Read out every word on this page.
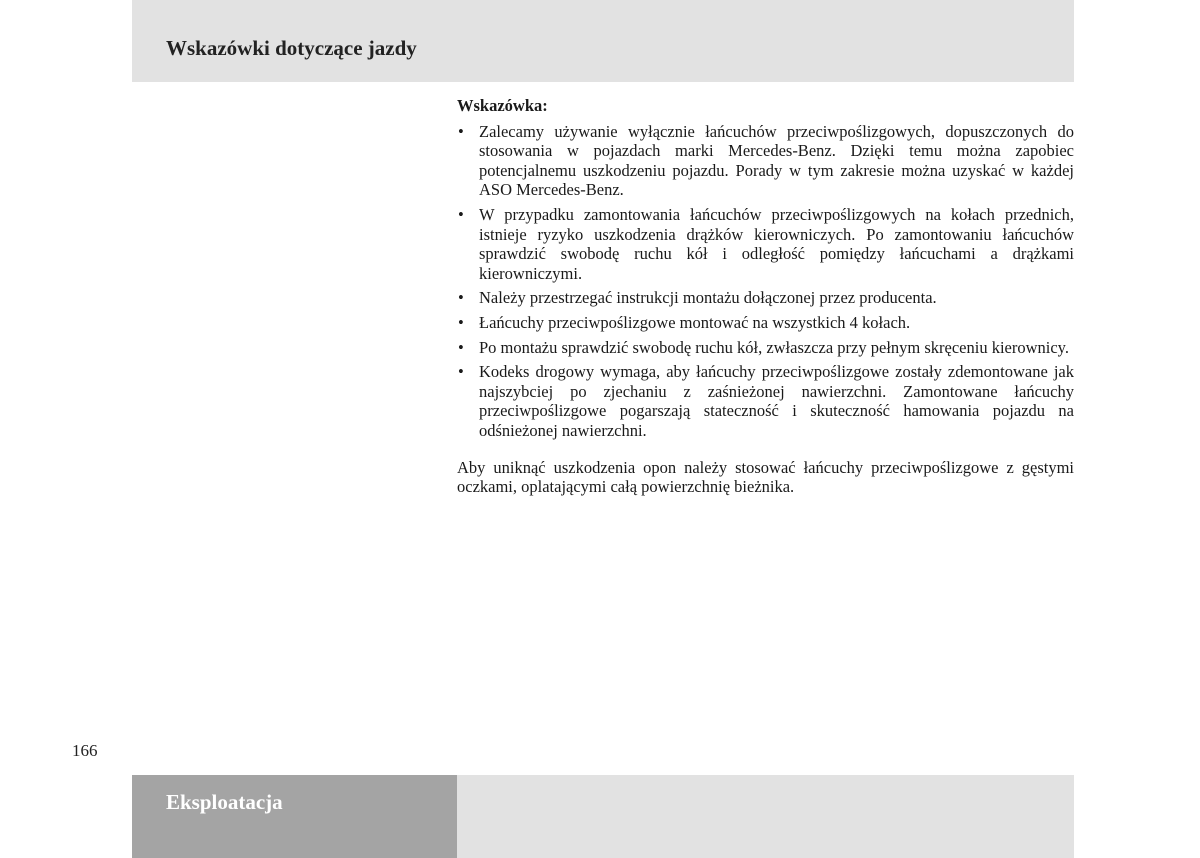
Wskazówki dotyczące jazdy
Wskazówka:
• Zalecamy używanie wyłącznie łańcuchów przeciwpoślizgowych, dopuszczonych do stosowania w pojazdach marki Mercedes-Benz. Dzięki temu można zapobiec potencjalnemu uszkodzeniu pojazdu. Porady w tym zakresie można uzyskać w każdej ASO Mercedes-Benz.
• W przypadku zamontowania łańcuchów przeciwpoślizgowych na kołach przednich, istnieje ryzyko uszkodzenia drążków kierowniczych. Po zamontowaniu łańcuchów sprawdzić swobodę ruchu kół i odległość pomiędzy łańcuchami a drążkami kierowniczymi.
• Należy przestrzegać instrukcji montażu dołączonej przez producenta.
• Łańcuchy przeciwpoślizgowe montować na wszystkich 4 kołach.
• Po montażu sprawdzić swobodę ruchu kół, zwłaszcza przy pełnym skręceniu kierownicy.
• Kodeks drogowy wymaga, aby łańcuchy przeciwpoślizgowe zostały zdemontowane jak najszybciej po zjechaniu z zaśnieżonej nawierzchni. Zamontowane łańcuchy przeciwpoślizgowe pogarszają stateczność i skuteczność hamowania pojazdu na odśnieżonej nawierzchni.

Aby uniknąć uszkodzenia opon należy stosować łańcuchy przeciwpoślizgowe z gęstymi oczkami, oplatającymi całą powierzchnię bieżnika.

166
Eksploatacja
